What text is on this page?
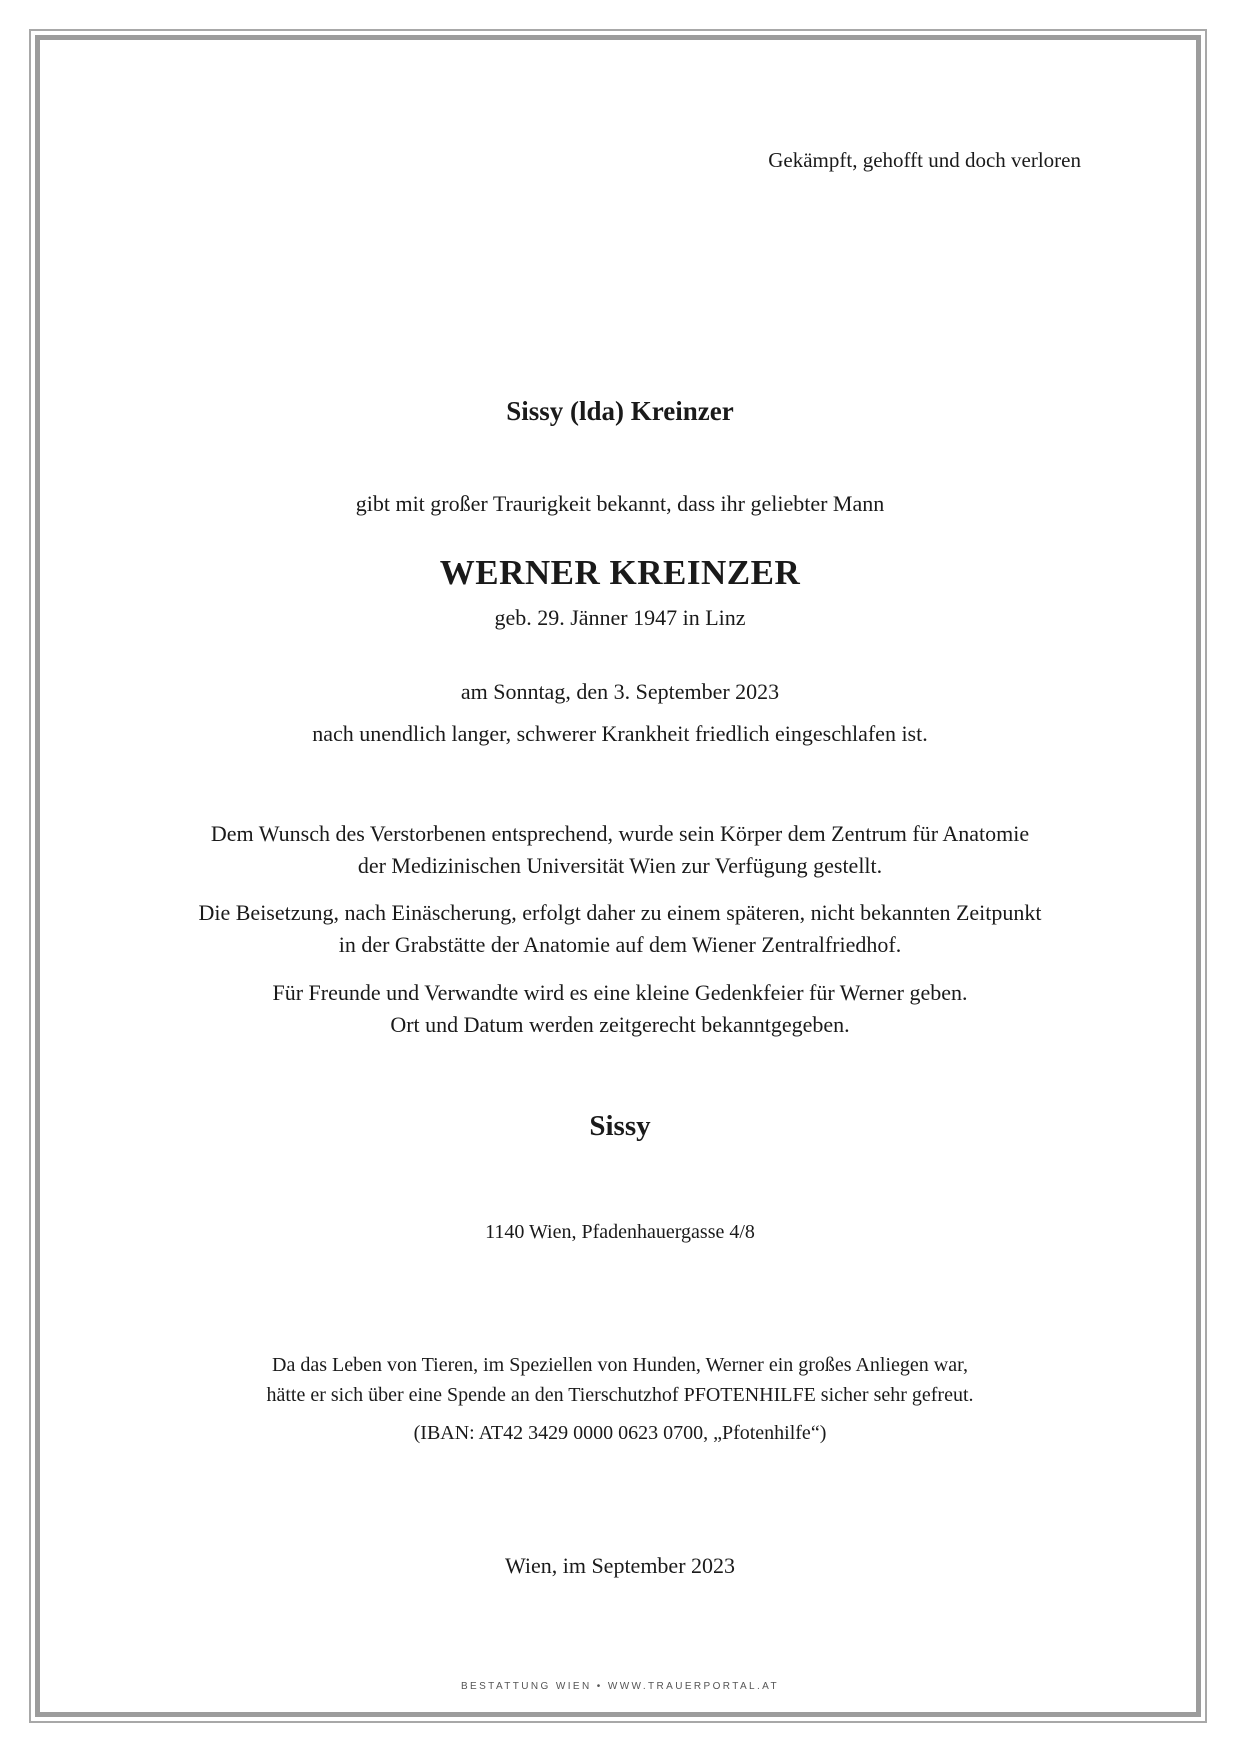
Gekämpft, gehofft und doch verloren
Sissy (lda) Kreinzer
gibt mit großer Traurigkeit bekannt, dass ihr geliebter Mann
WERNER KREINZER
geb. 29. Jänner 1947 in Linz
am Sonntag, den 3. September 2023
nach unendlich langer, schwerer Krankheit friedlich eingeschlafen ist.
Dem Wunsch des Verstorbenen entsprechend, wurde sein Körper dem Zentrum für Anatomie
der Medizinischen Universität Wien zur Verfügung gestellt.
Die Beisetzung, nach Einäscherung, erfolgt daher zu einem späteren, nicht bekannten Zeitpunkt
in der Grabstätte der Anatomie auf dem Wiener Zentralfriedhof.
Für Freunde und Verwandte wird es eine kleine Gedenkfeier für Werner geben.
Ort und Datum werden zeitgerecht bekanntgegeben.
Sissy
1140 Wien, Pfadenhauergasse 4/8
Da das Leben von Tieren, im Speziellen von Hunden, Werner ein großes Anliegen war,
hätte er sich über eine Spende an den Tierschutzhof PFOTENHILFE sicher sehr gefreut.
(IBAN: AT42 3429 0000 0623 0700, „Pfotenhilfe“)
Wien, im September 2023
BESTATTUNG WIEN • WWW.TRAUERPORTAL.AT
